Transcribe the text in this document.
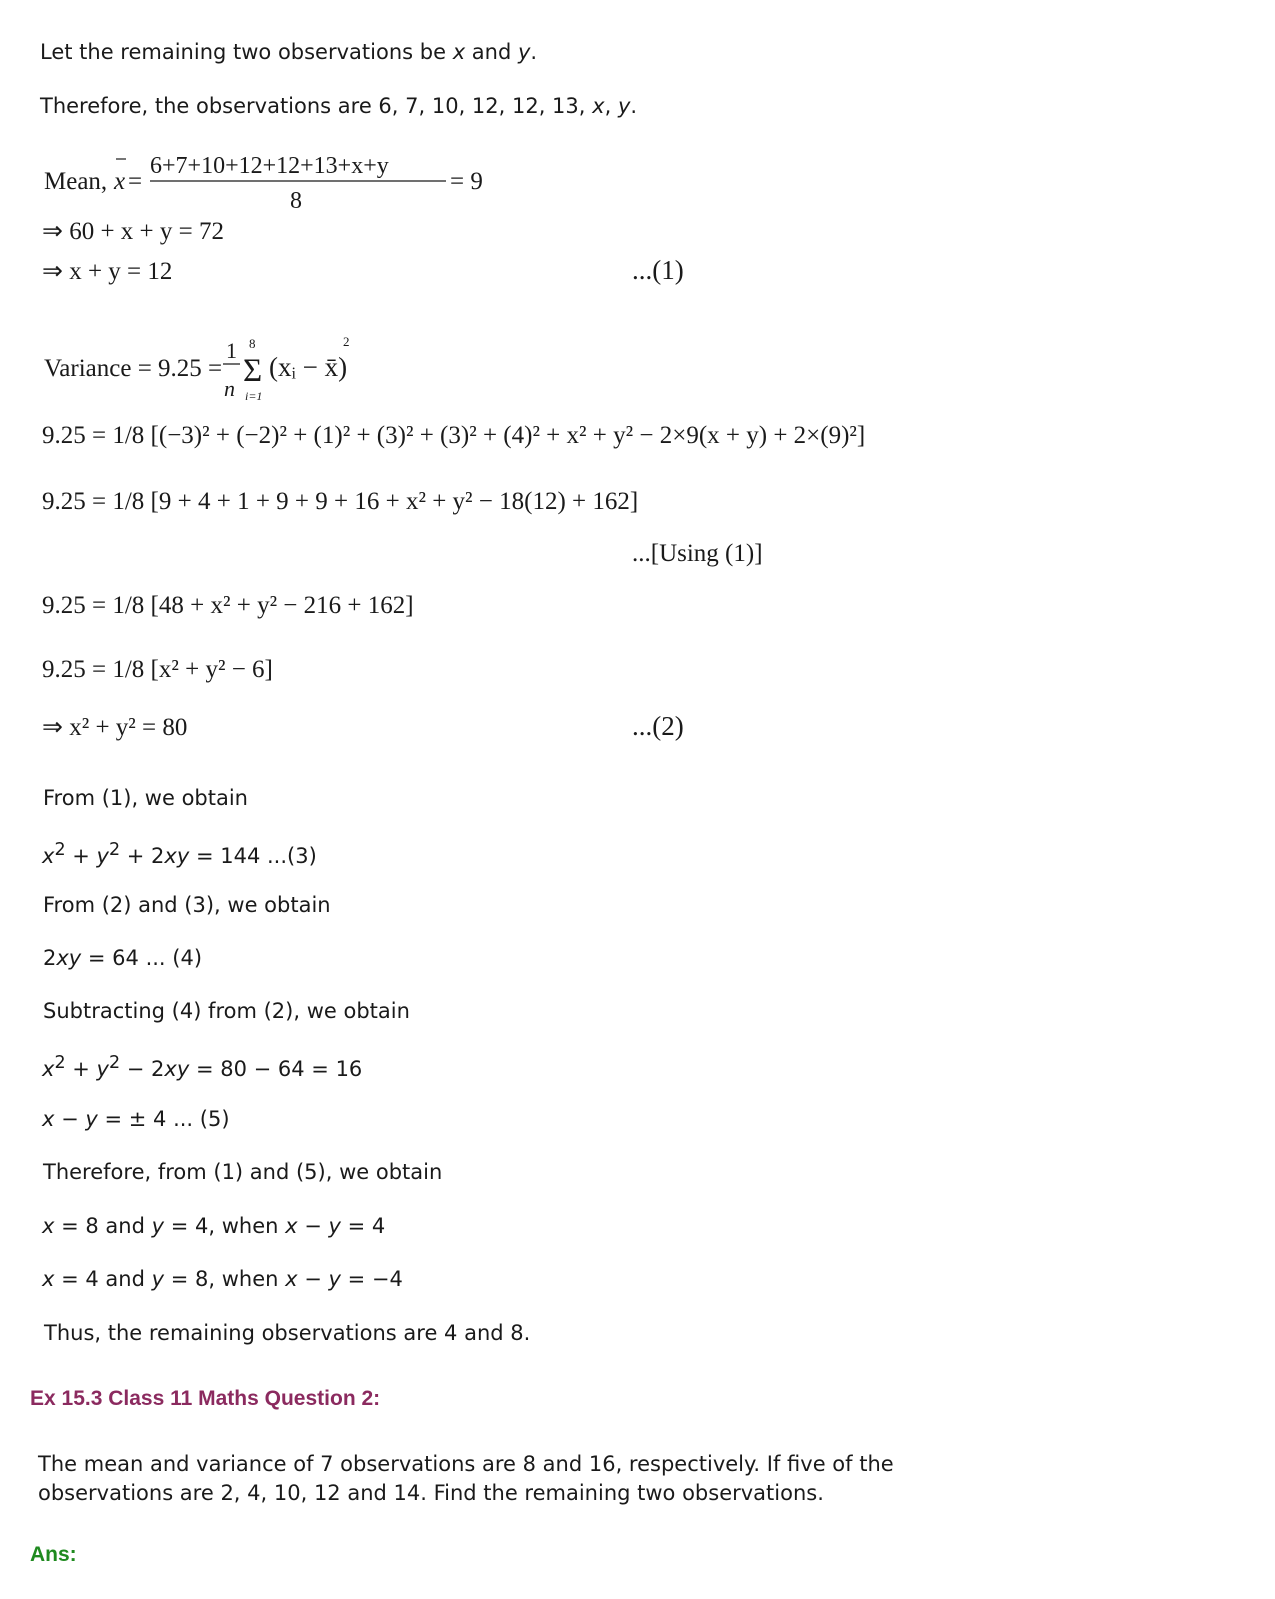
Let the remaining two observations be x and y.
Therefore, the observations are 6, 7, 10, 12, 12, 13, x, y.
Mean, x =
6+7+10+12+12+13+x+y
8
= 9
⇒ 60 + x + y = 72
⇒ x + y = 12	...(1)
Variance = 9.25 =
1
n
8
Σ
i=1
(xᵢ − x̄)
2
9.25 = 1/8 [(−3)² + (−2)² + (1)² + (3)² + (3)² + (4)² + x² + y² − 2×9(x + y) + 2×(9)²]
9.25 = 1/8 [9 + 4 + 1 + 9 + 9 + 16 + x² + y² − 18(12) + 162]
...[Using (1)]
9.25 = 1/8 [48 + x² + y² − 216 + 162]
9.25 = 1/8 [x² + y² − 6]
⇒ x² + y² = 80	...(2)
From (1), we obtain
$x^2 + y^2 + 2xy = 144$ ...(3)
From (2) and (3), we obtain
2xy = 64 ... (4)
Subtracting (4) from (2), we obtain
$x^2 + y^2 - 2xy = 80 - 64 = 16$
x − y = ± 4 ... (5)
Therefore, from (1) and (5), we obtain
x = 8 and y = 4, when x − y = 4
x = 4 and y = 8, when x − y = −4
Thus, the remaining observations are 4 and 8.
Ex 15.3 Class 11 Maths Question 2:
The mean and variance of 7 observations are 8 and 16, respectively. If five of the
observations are 2, 4, 10, 12 and 14. Find the remaining two observations.
Ans:
